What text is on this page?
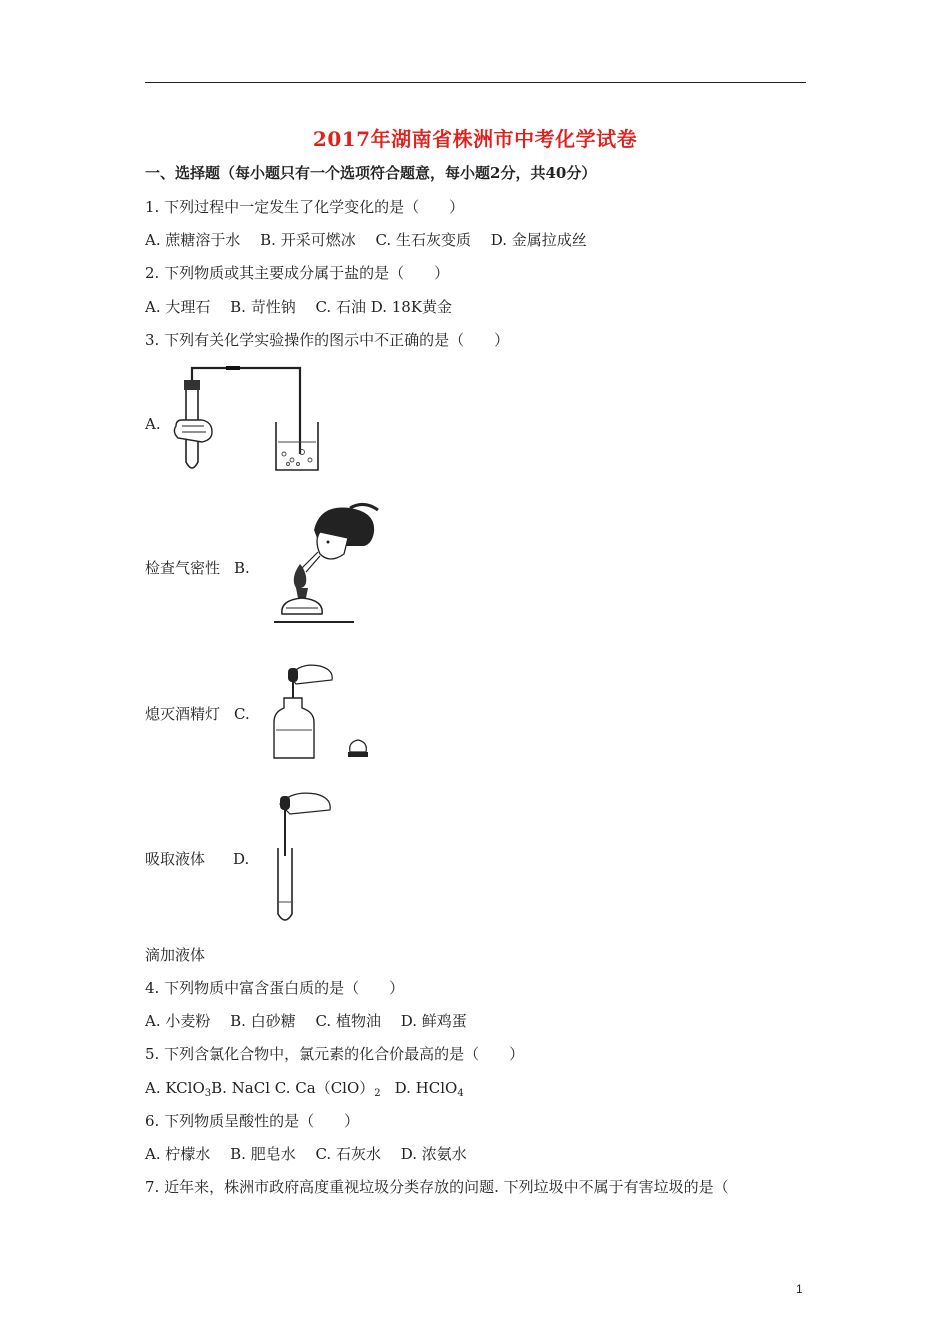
2017年湖南省株洲市中考化学试卷
一、选择题（每小题只有一个选项符合题意，每小题2分，共40分）
1. 下列过程中一定发生了化学变化的是（　　）
A. 蔗糖溶于水　 B. 开采可燃冰　 C. 生石灰变质　 D. 金属拉成丝
2. 下列物质或其主要成分属于盐的是（　　）
A. 大理石　 B. 苛性钠　 C. 石油 D. 18K黄金
3. 下列有关化学实验操作的图示中不正确的是（　　）
A.
检查气密性 B.
熄灭酒精灯 C.
吸取液体 D.
滴加液体
4. 下列物质中富含蛋白质的是（　　）
A. 小麦粉　 B. 白砂糖　 C. 植物油　 D. 鲜鸡蛋
5. 下列含氯化合物中，氯元素的化合价最高的是（　　）
A. KClO$_3$B. NaCl C. $Ca(ClO)_2$ D. HClO$_4$
6. 下列物质呈酸性的是（　　）
A. 柠檬水　 B. 肥皂水　 C. 石灰水　 D. 浓氨水
7. 近年来，株洲市政府高度重视垃圾分类存放的问题. 下列垃圾中不属于有害垃圾的是（
1
